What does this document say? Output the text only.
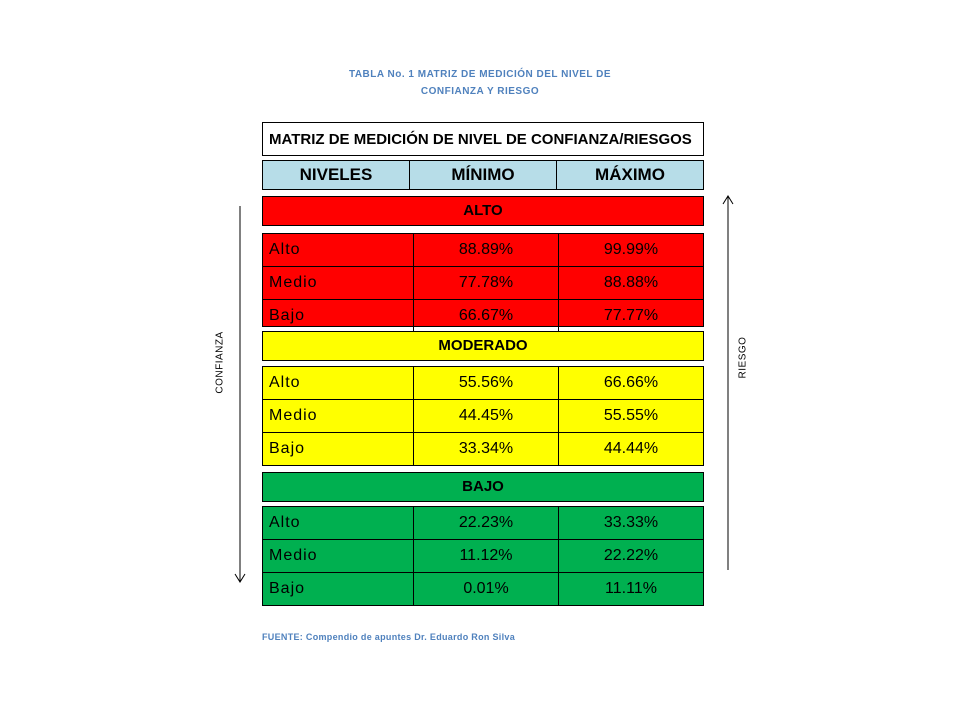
TABLA No. 1 MATRIZ DE MEDICIÓN DEL NIVEL DE
CONFIANZA Y RIESGO
MATRIZ DE MEDICIÓN DE NIVEL DE CONFIANZA/RIESGOS
NIVELES	MÍNIMO	MÁXIMO
ALTO
Alto	88.89%	99.99%
Medio	77.78%	88.88%
Bajo	66.67%	77.77%
MODERADO
Alto	55.56%	66.66%
Medio	44.45%	55.55%
Bajo	33.34%	44.44%
BAJO
Alto	22.23%	33.33%
Medio	11.12%	22.22%
Bajo	0.01%	11.11%
CONFIANZA	RIESGO
FUENTE: Compendio de apuntes Dr. Eduardo Ron Silva
